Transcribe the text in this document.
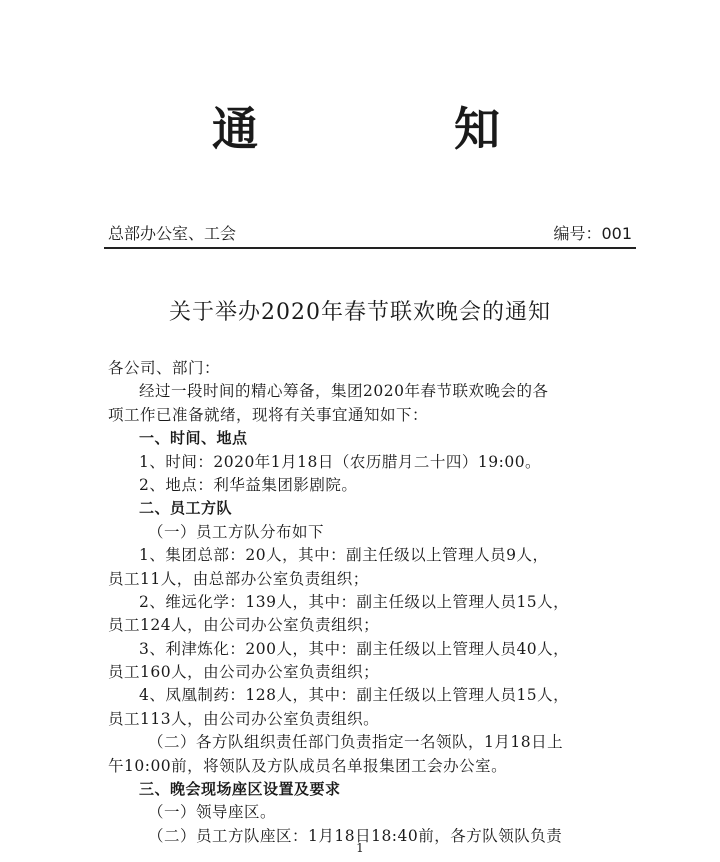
通	知
总部办公室、工会	编号：001
关于举办2020年春节联欢晚会的通知
各公司、部门：
经过一段时间的精心筹备，集团2020年春节联欢晚会的各
项工作已准备就绪，现将有关事宜通知如下：
一、时间、地点
1、时间：2020年1月18日（农历腊月二十四）19:00。
2、地点：利华益集团影剧院。
二、员工方队
（一）员工方队分布如下
1、集团总部：20人，其中：副主任级以上管理人员9人，
员工11人，由总部办公室负责组织；
2、维远化学：139人，其中：副主任级以上管理人员15人，
员工124人，由公司办公室负责组织；
3、利津炼化：200人，其中：副主任级以上管理人员40人，
员工160人，由公司办公室负责组织；
4、凤凰制药：128人，其中：副主任级以上管理人员15人，
员工113人，由公司办公室负责组织。
（二）各方队组织责任部门负责指定一名领队，1月18日上
午10:00前，将领队及方队成员名单报集团工会办公室。
三、晚会现场座区设置及要求
（一）领导座区。
（二）员工方队座区：1月18日18:40前，各方队领队负责
1
